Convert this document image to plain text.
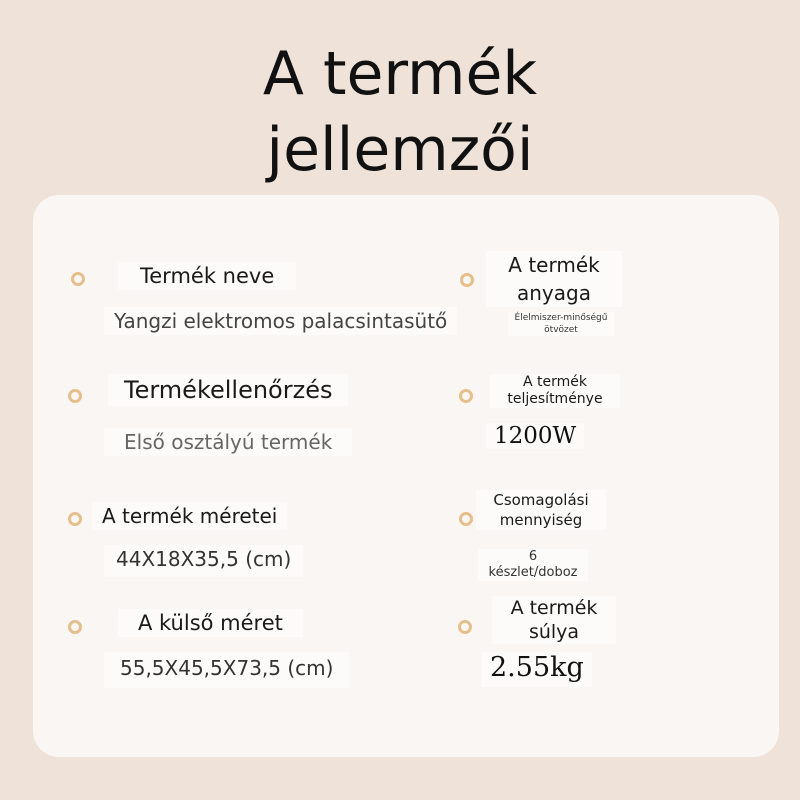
A termék
jellemzői
Termék neve
Yangzi elektromos palacsintasütő
A termék
anyaga
Élelmiszer-minőségű
ötvözet
Termékellenőrzés
Első osztályú termék
A termék
teljesítménye
1200W
A termék méretei
44X18X35,5 (cm)
Csomagolási
mennyiség
6
készlet/doboz
A külső méret
55,5X45,5X73,5 (cm)
A termék
súlya
2.55kg
